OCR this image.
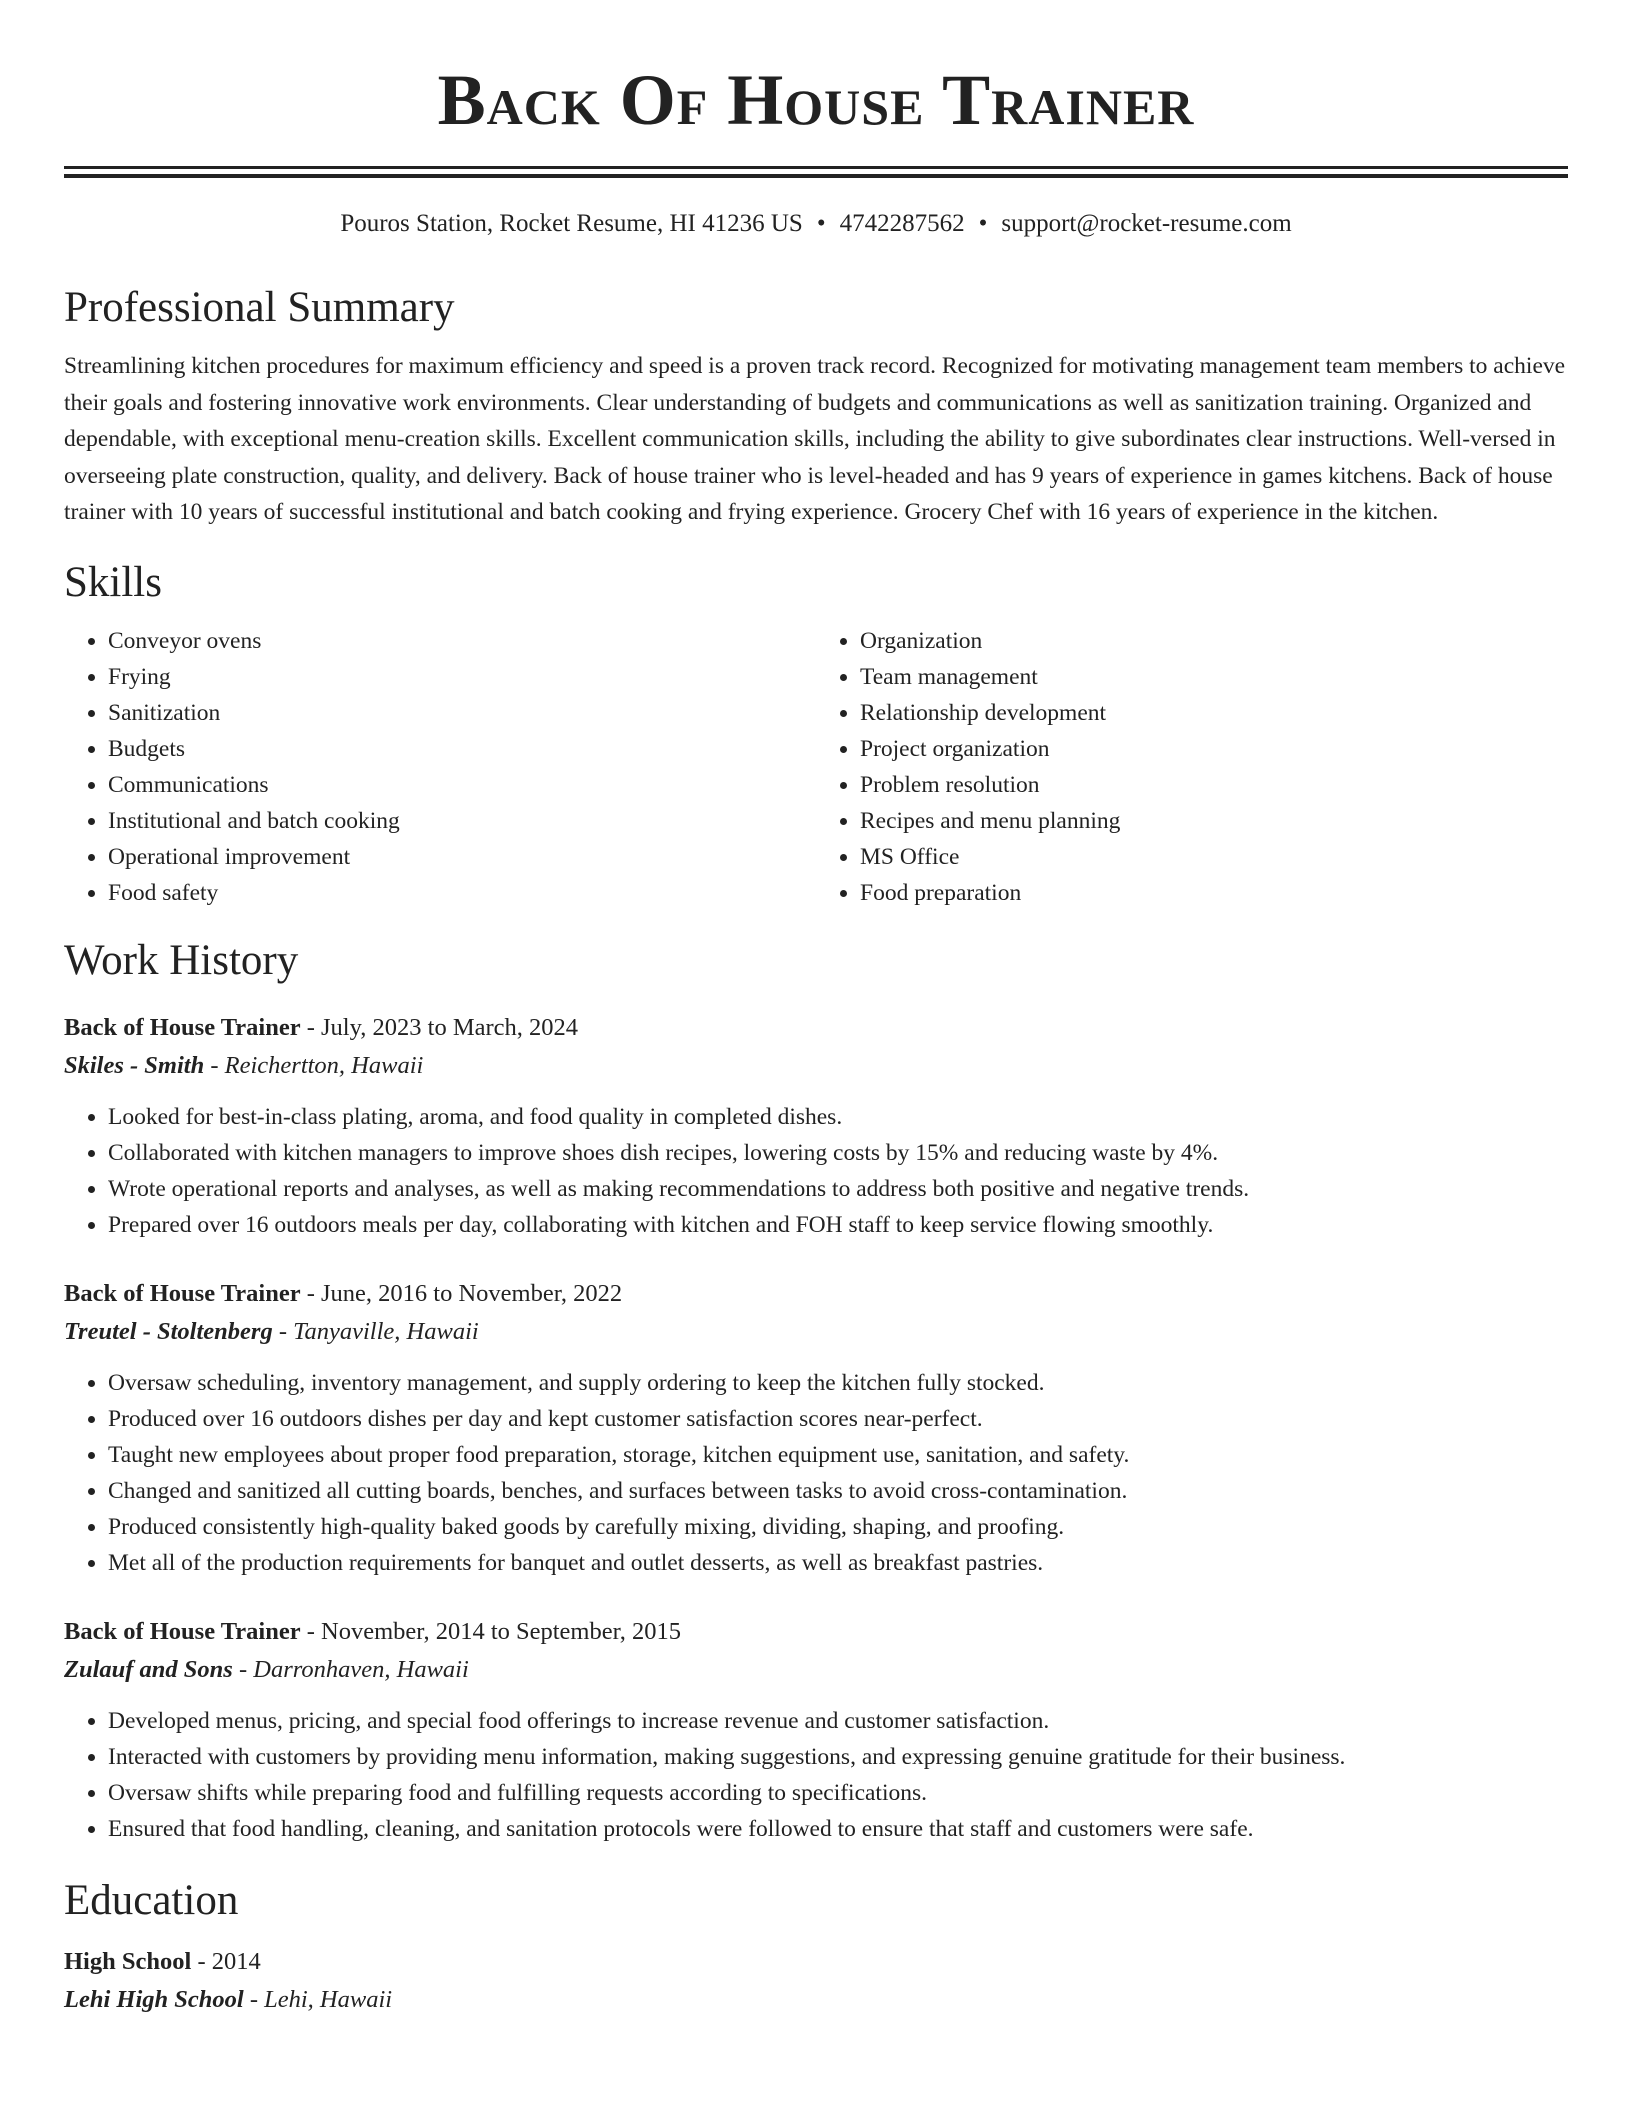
Back Of House Trainer
Pouros Station, Rocket Resume, HI 41236 US • 4742287562 • support@rocket-resume.com
Professional Summary

Streamlining kitchen procedures for maximum efficiency and speed is a proven track record. Recognized for motivating management team members to achieve their goals and fostering innovative work environments. Clear understanding of budgets and communications as well as sanitization training. Organized and dependable, with exceptional menu-creation skills. Excellent communication skills, including the ability to give subordinates clear instructions. Well-versed in overseeing plate construction, quality, and delivery. Back of house trainer who is level-headed and has 9 years of experience in games kitchens. Back of house trainer with 10 years of successful institutional and batch cooking and frying experience. Grocery Chef with 16 years of experience in the kitchen.

Skills
• Conveyor ovens
• Frying
• Sanitization
• Budgets
• Communications
• Institutional and batch cooking
• Operational improvement
• Food safety
• Organization
• Team management
• Relationship development
• Project organization
• Problem resolution
• Recipes and menu planning
• MS Office
• Food preparation
Work History
Back of House Trainer - July, 2023 to March, 2024
Skiles - Smith - Reichertton, Hawaii
• Looked for best-in-class plating, aroma, and food quality in completed dishes.
• Collaborated with kitchen managers to improve shoes dish recipes, lowering costs by 15% and reducing waste by 4%.
• Wrote operational reports and analyses, as well as making recommendations to address both positive and negative trends.
• Prepared over 16 outdoors meals per day, collaborating with kitchen and FOH staff to keep service flowing smoothly.
Back of House Trainer - June, 2016 to November, 2022
Treutel - Stoltenberg - Tanyaville, Hawaii
• Oversaw scheduling, inventory management, and supply ordering to keep the kitchen fully stocked.
• Produced over 16 outdoors dishes per day and kept customer satisfaction scores near-perfect.
• Taught new employees about proper food preparation, storage, kitchen equipment use, sanitation, and safety.
• Changed and sanitized all cutting boards, benches, and surfaces between tasks to avoid cross-contamination.
• Produced consistently high-quality baked goods by carefully mixing, dividing, shaping, and proofing.
• Met all of the production requirements for banquet and outlet desserts, as well as breakfast pastries.
Back of House Trainer - November, 2014 to September, 2015
Zulauf and Sons - Darronhaven, Hawaii
• Developed menus, pricing, and special food offerings to increase revenue and customer satisfaction.
• Interacted with customers by providing menu information, making suggestions, and expressing genuine gratitude for their business.
• Oversaw shifts while preparing food and fulfilling requests according to specifications.
• Ensured that food handling, cleaning, and sanitation protocols were followed to ensure that staff and customers were safe.
Education
High School - 2014
Lehi High School - Lehi, Hawaii
